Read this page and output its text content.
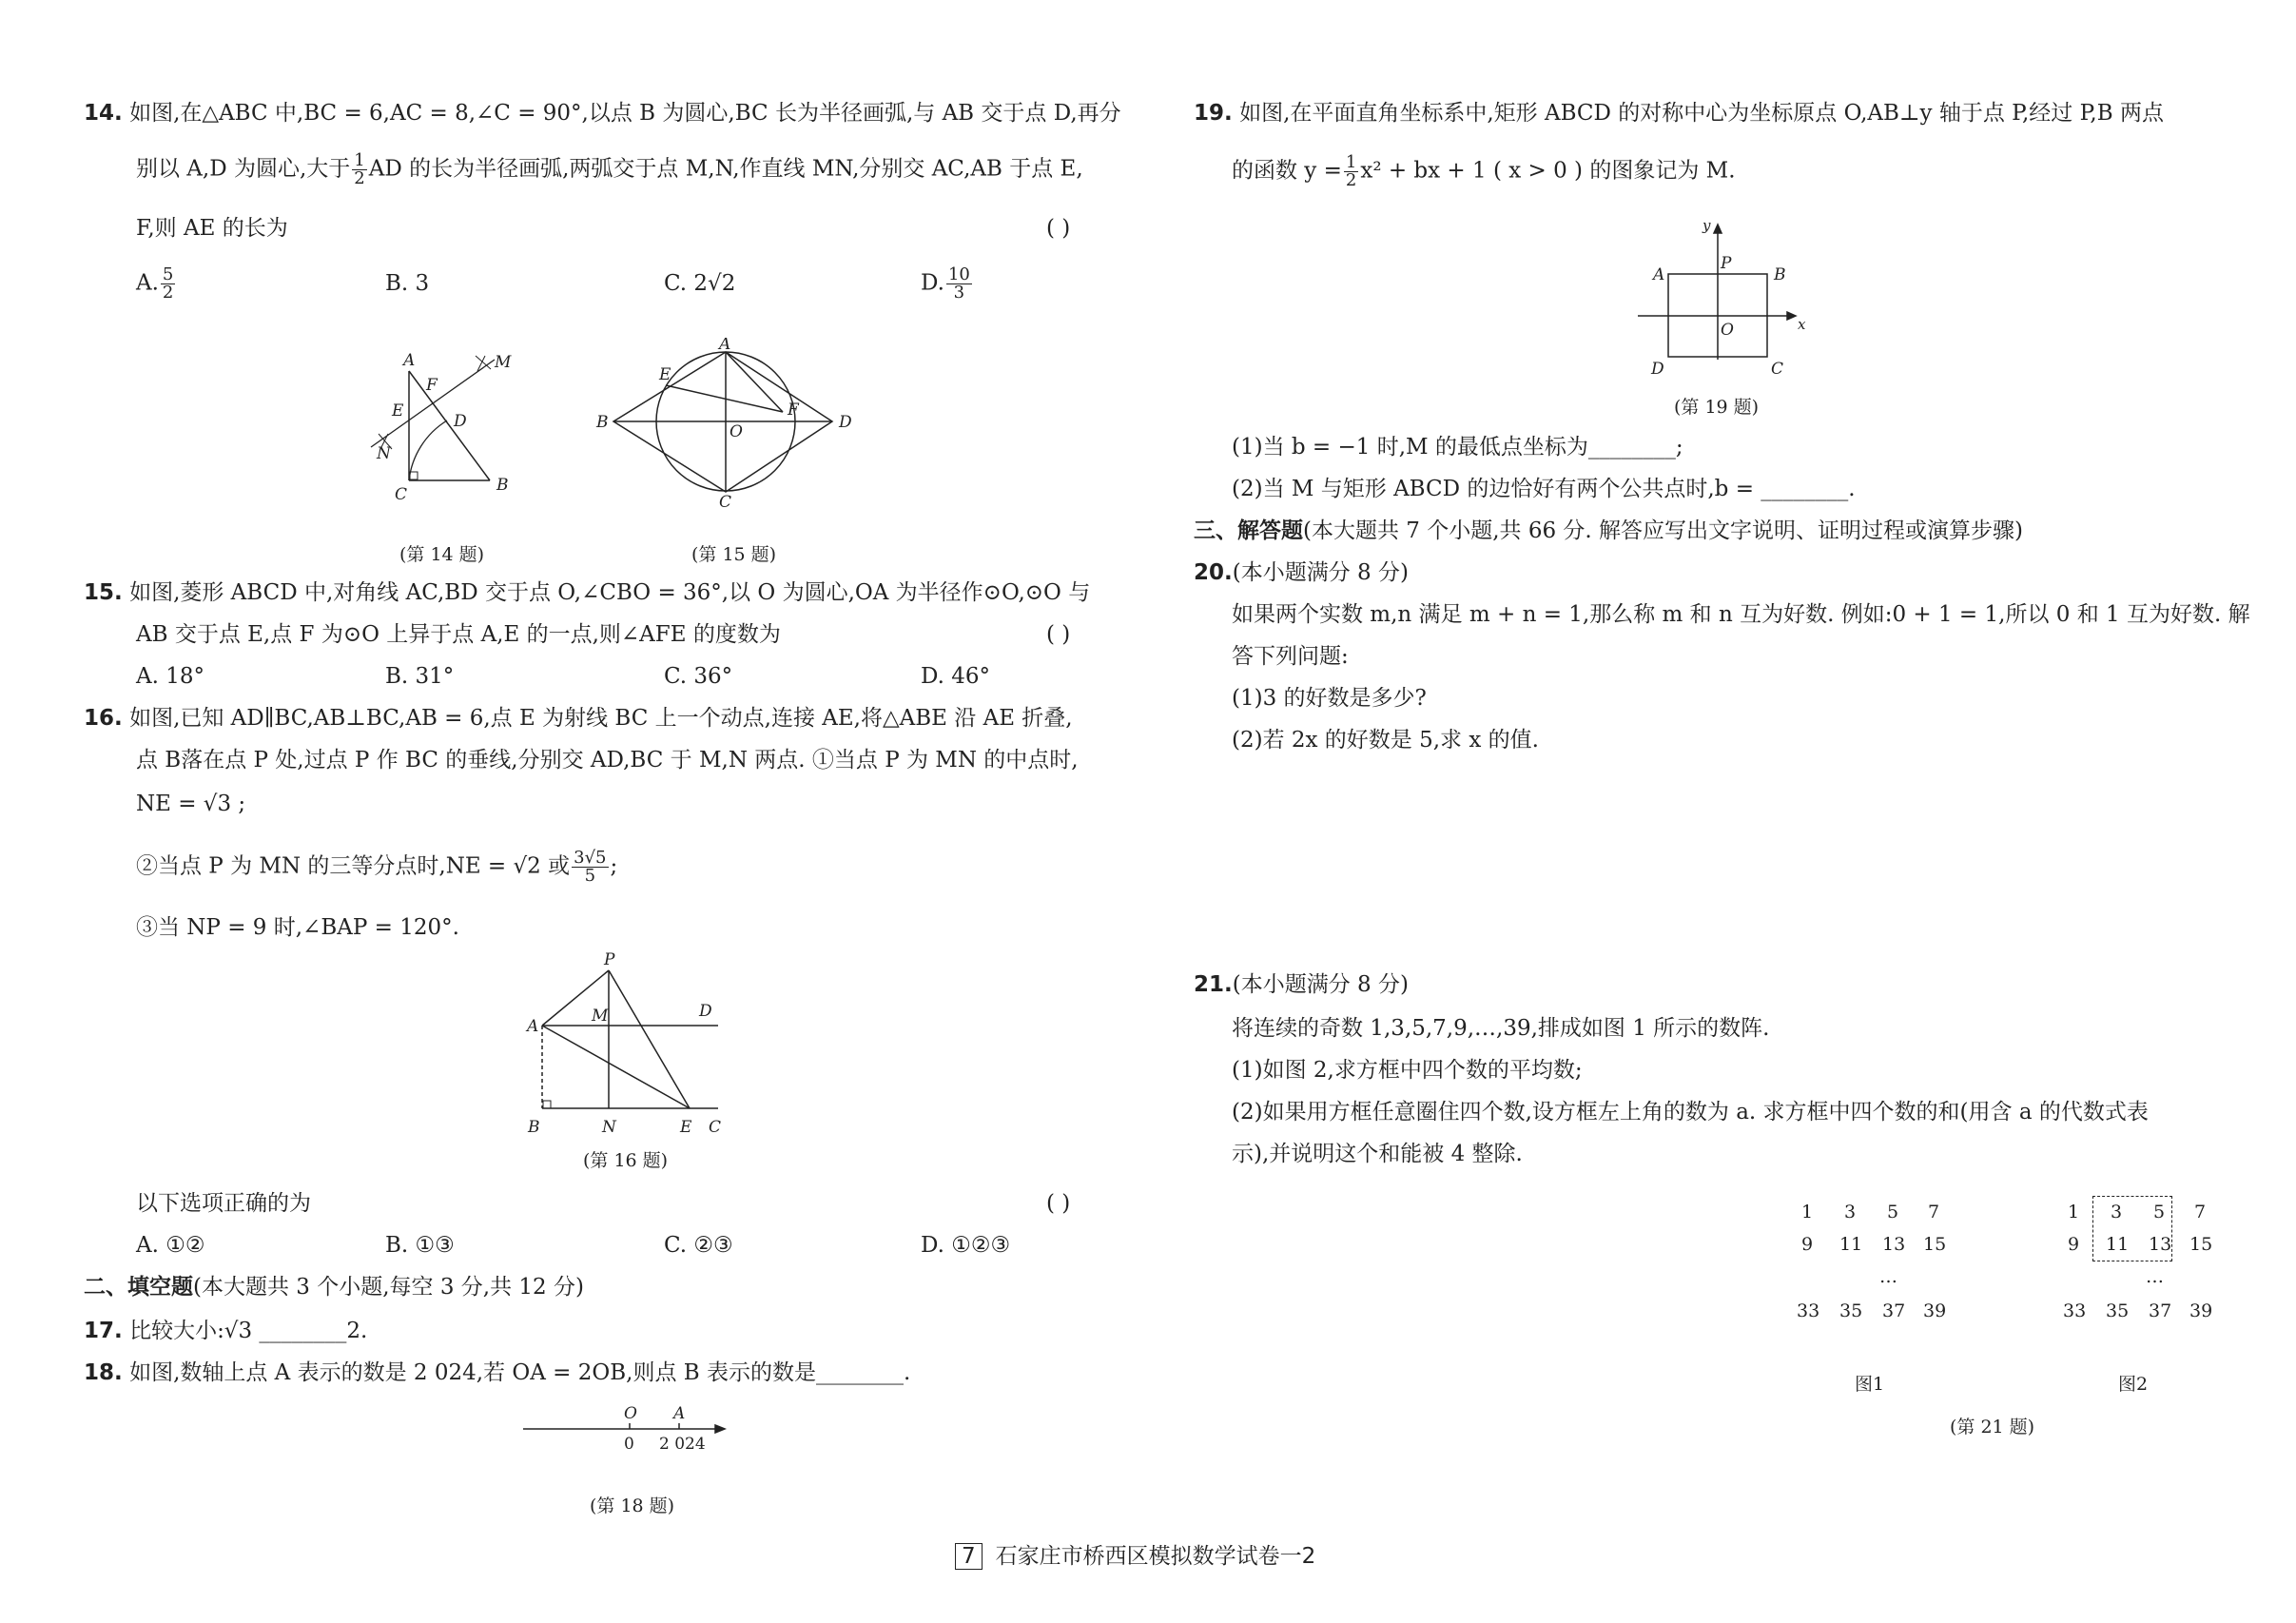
14. 如图,在△ABC 中,BC = 6,AC = 8,∠C = 90°,以点 B 为圆心,BC 长为半径画弧,与 AB 交于点 D,再分
别以 A,D 为圆心,大于 $\frac{1}{2}$ AD 的长为半径画弧,两弧交于点 M,N,作直线 MN,分别交 AC,AB 于点 E,
F,则 AE 的长为	( )
A. $\frac{5}{2}$	B. 3	C. 2√2	D. $\frac{10}{3}$
A
B
C
D
E
F
M
N
(第 14 题)
A
B
C
D
E
F
O
(第 15 题)
15. 如图,菱形 ABCD 中,对角线 AC,BD 交于点 O,∠CBO = 36°,以 O 为圆心,OA 为半径作⊙O,⊙O 与
AB 交于点 E,点 F 为⊙O 上异于点 A,E 的一点,则∠AFE 的度数为	( )
A. 18°	B. 31°	C. 36°	D. 46°
16. 如图,已知 AD∥BC,AB⊥BC,AB = 6,点 E 为射线 BC 上一个动点,连接 AE,将△ABE 沿 AE 折叠,
点 B落在点 P 处,过点 P 作 BC 的垂线,分别交 AD,BC 于 M,N 两点. ①当点 P 为 MN 的中点时,
NE = √3 ;
②当点 P 为 MN 的三等分点时,NE = √2 或 $\frac{3√5}{5}$ ;
③当 NP = 9 时,∠BAP = 120°.
A
B	C
D
E
M
N
P
(第 16 题)
以下选项正确的为	( )
A. ①②	B. ①③	C. ②③	D. ①②③
二、填空题(本大题共 3 个小题,每空 3 分,共 12 分)
17. 比较大小:√3 ________2.
18. 如图,数轴上点 A 表示的数是 2 024,若 OA = 2OB,则点 B 表示的数是________.
O A
0 2 024
(第 18 题)
19. 如图,在平面直角坐标系中,矩形 ABCD 的对称中心为坐标原点 O,AB⊥y 轴于点 P,经过 P,B 两点
的函数 $y = \frac{1}{2} x^2$ + bx + 1 ( x > 0 ) 的图象记为 M.
A	B
C
D
P
O	x
y
(第 19 题)
(1)当 b = −1 时,M 的最低点坐标为________;
(2)当 M 与矩形 ABCD 的边恰好有两个公共点时,b = ________.
三、解答题(本大题共 7 个小题,共 66 分. 解答应写出文字说明、证明过程或演算步骤)
20.(本小题满分 8 分)
如果两个实数 m,n 满足 m + n = 1,那么称 m 和 n 互为好数. 例如:0 + 1 = 1,所以 0 和 1 互为好数. 解
答下列问题:
(1)3 的好数是多少?
(2)若 2x 的好数是 5,求 x 的值.
21.(本小题满分 8 分)
将连续的奇数 1,3,5,7,9,…,39,排成如图 1 所示的数阵.
(1)如图 2,求方框中四个数的平均数;
(2)如果用方框任意圈住四个数,设方框左上角的数为 a. 求方框中四个数的和(用含 a 的代数式表
示),并说明这个和能被 4 整除.
1 3 5 7
9 11 13 15
…
33 35 37 39
图1
1 3 5 7
9 11 13 15
…
33 35 37 39
图2
(第 21 题)
7 石家庄市桥西区模拟数学试卷一2
